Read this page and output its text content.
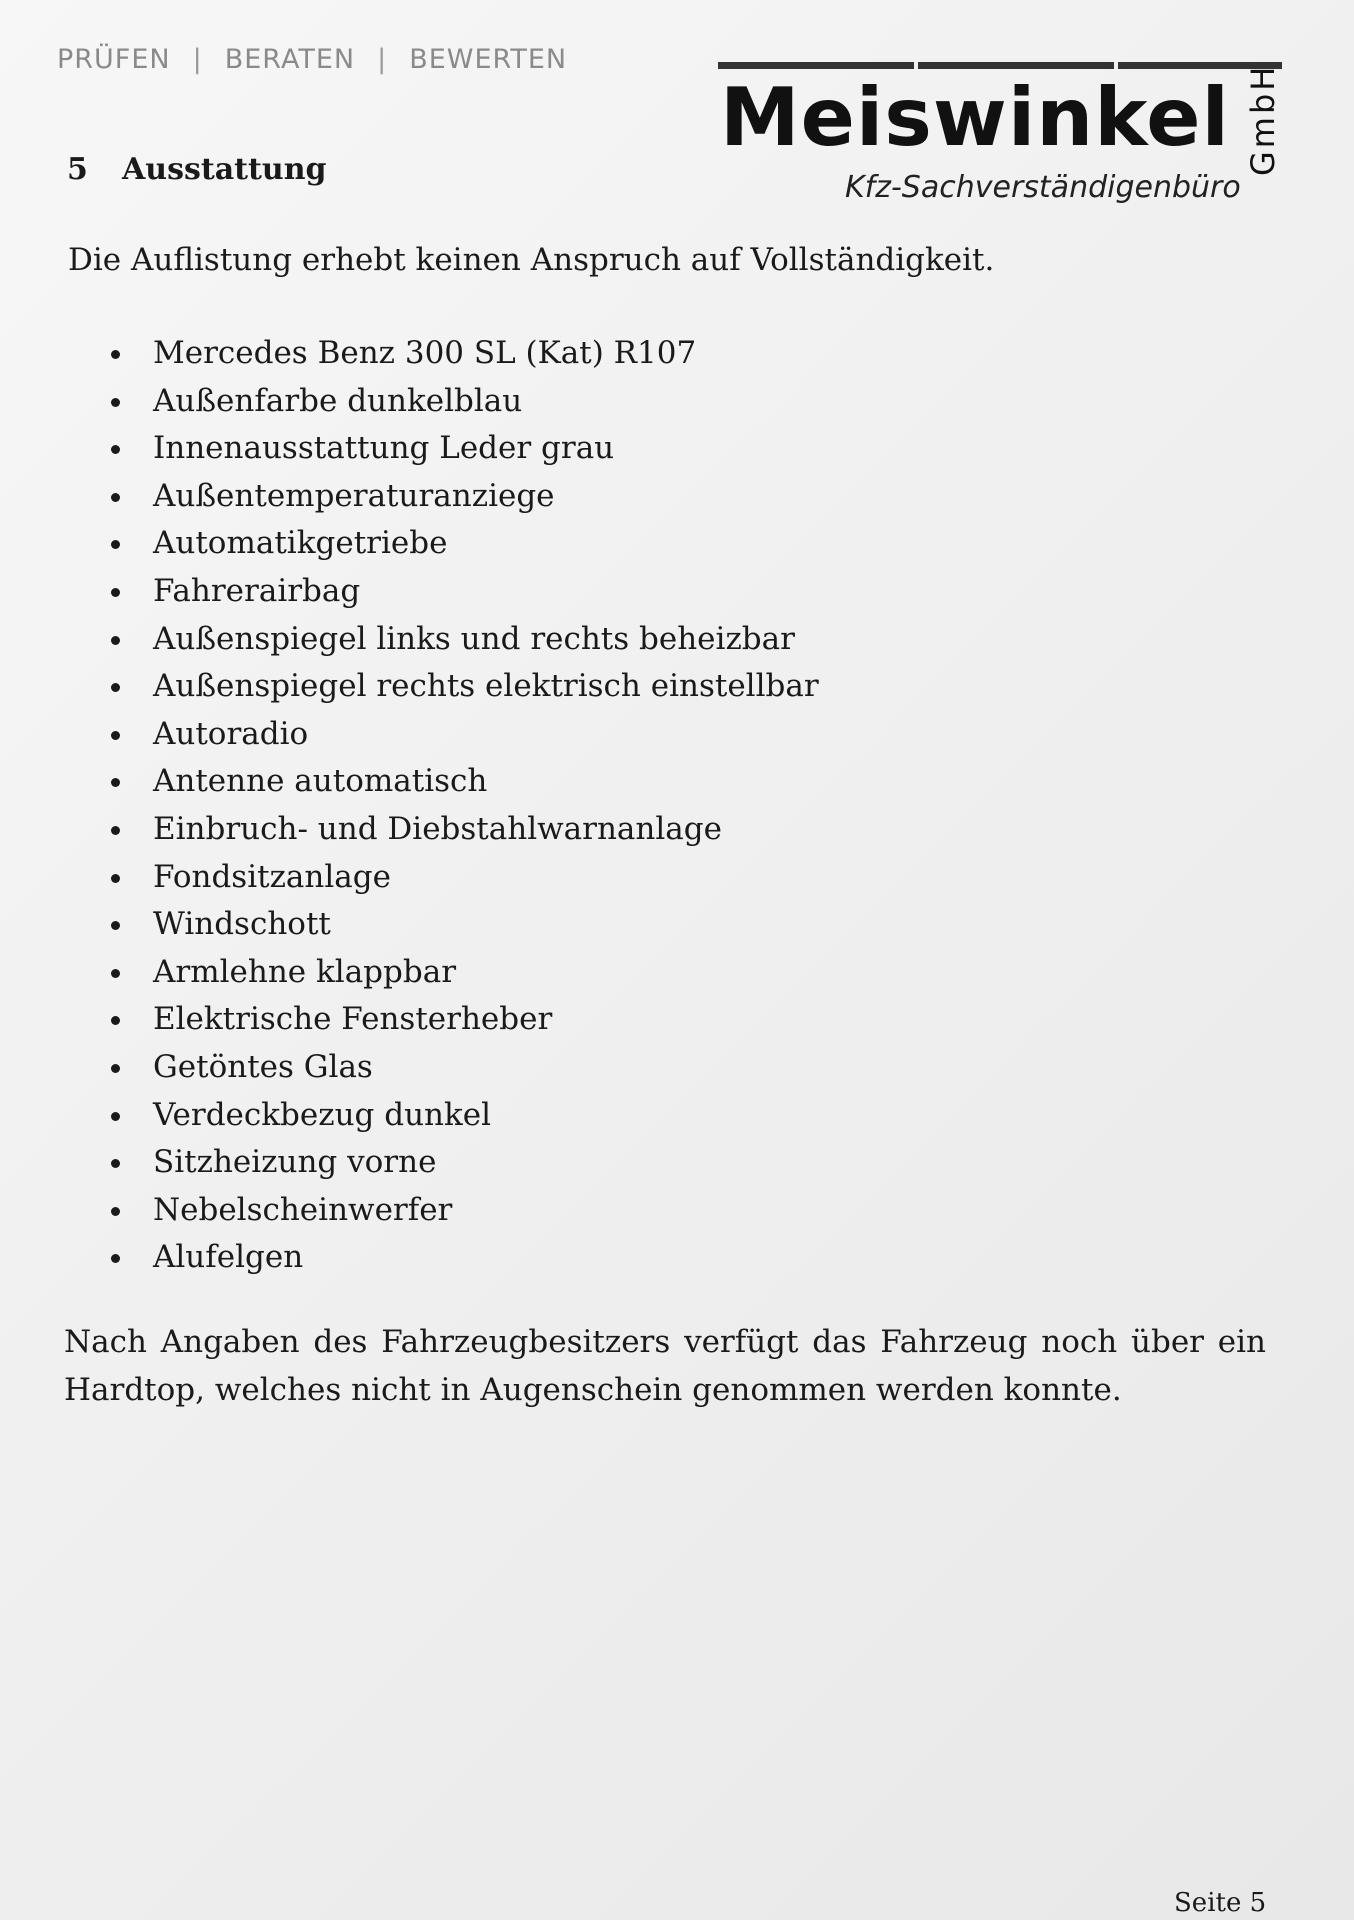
PRÜFEN | BERATEN | BEWERTEN
Meiswinkel GmbH
Kfz-Sachverständigenbüro
5 Ausstattung
Die Auflistung erhebt keinen Anspruch auf Vollständigkeit.
Mercedes Benz 300 SL (Kat) R107
Außenfarbe dunkelblau
Innenausstattung Leder grau
Außentemperaturanziege
Automatikgetriebe
Fahrerairbag
Außenspiegel links und rechts beheizbar
Außenspiegel rechts elektrisch einstellbar
Autoradio
Antenne automatisch
Einbruch- und Diebstahlwarnanlage
Fondsitzanlage
Windschott
Armlehne klappbar
Elektrische Fensterheber
Getöntes Glas
Verdeckbezug dunkel
Sitzheizung vorne
Nebelscheinwerfer
Alufelgen

Nach Angaben des Fahrzeugbesitzers verfügt das Fahrzeug noch über ein Hardtop, welches nicht in Augenschein genommen werden konnte.

Seite 5
